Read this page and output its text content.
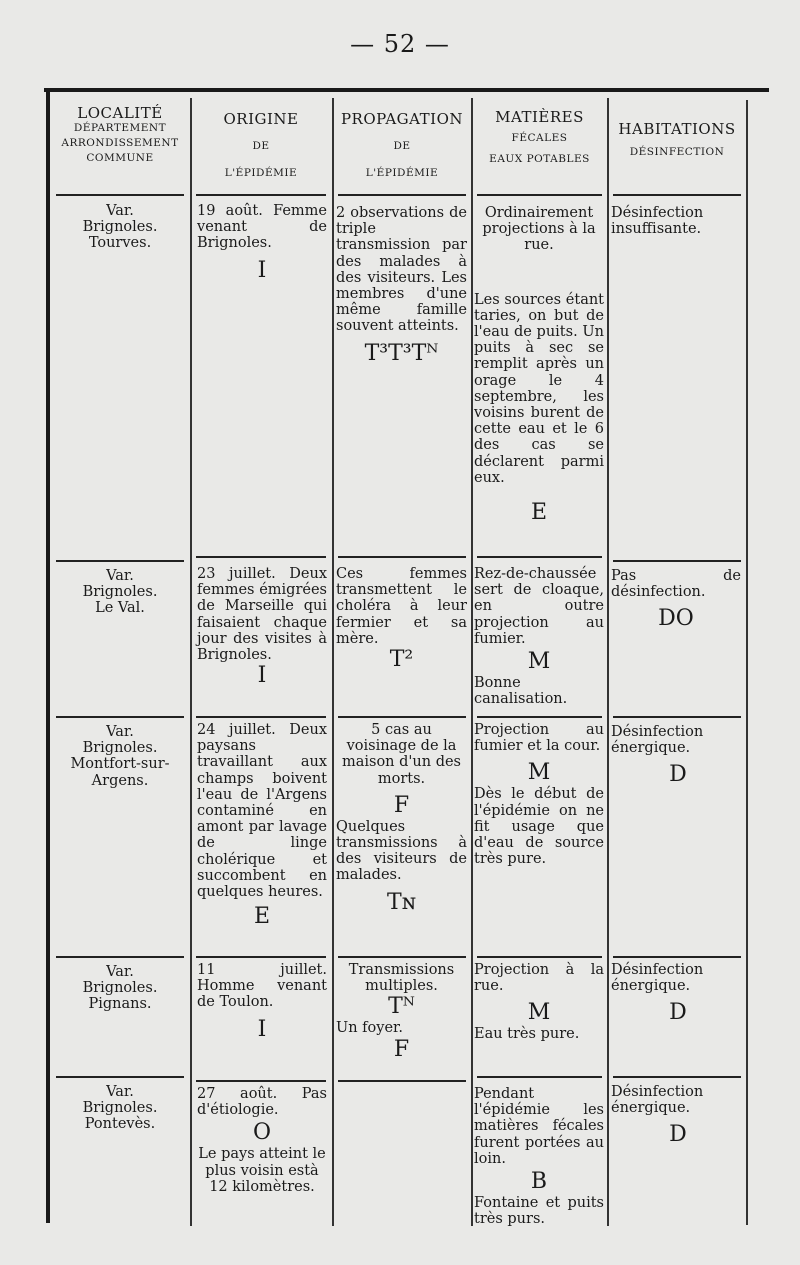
— 52 —
LOCALITÉ
DÉPARTEMENT
ARRONDISSEMENT
COMMUNE
ORIGINE
DE
L'ÉPIDÉMIE
PROPAGATION
DE
L'ÉPIDÉMIE
MATIÈRES
FÉCALES
EAUX POTABLES
HABITATIONS
DÉSINFECTION

Var.

Brignoles.

Tourves.

19 août. Femme venant de Brignoles.

I

2 observations de triple transmission par des malades à des visiteurs. Les membres d'une même famille souvent atteints.

T³T³Tᴺ

Ordinairement projections à la rue.

Les sources étant taries, on but de l'eau de puits. Un puits à sec se remplit après un orage le 4 septembre, les voisins burent de cette eau et le 6 des cas se déclarent parmi eux.

E

Désinfection insuffisante.

Var.

Brignoles.

Le Val.

23 juillet. Deux femmes émigrées de Marseille qui faisaient chaque jour des visites à Brignoles.

I

Ces femmes transmettent le choléra à leur fermier et sa mère.

T²

Rez-de-chaussée sert de cloaque, en outre projection au fumier.

M

Bonne canalisation.

Pas de désinfection.

DO

Var.

Brignoles.

Montfort-sur-Argens.

24 juillet. Deux paysans travaillant aux champs boivent l'eau de l'Argens contaminé en amont par lavage de linge cholérique et succombent en quelques heures.

E

5 cas au voisinage de la maison d'un des morts.

F

Quelques transmissions à des visiteurs de malades.

Tɴ

Projection au fumier et la cour.

M

Dès le début de l'épidémie on ne fit usage que d'eau de source très pure.

Désinfection énergique.

D

Var.

Brignoles.

Pignans.

11 juillet. Homme venant de Toulon.

I

Transmissions multiples.

Tᴺ

Un foyer.

F

Projection à la rue.

M

Eau très pure.

Désinfection énergique.

D

Var.

Brignoles.

Pontevès.

27 août. Pas d'étiologie.

O

Le pays atteint le plus voisin està 12 kilomètres.

Pendant l'épidémie les matières fécales furent portées au loin.

B

Fontaine et puits très purs.

Désinfection énergique.

D
